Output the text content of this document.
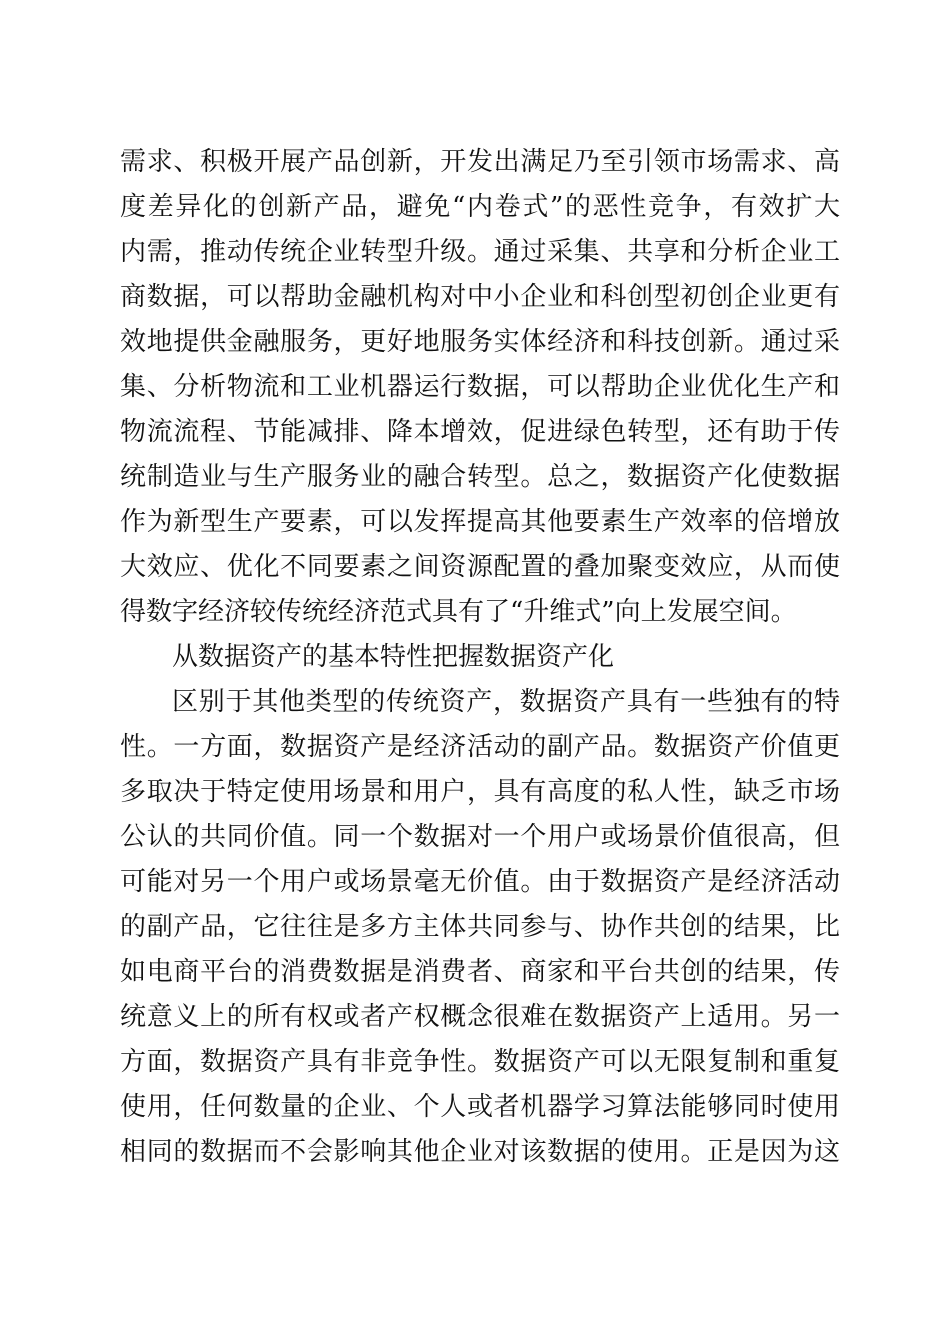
需求、积极开展产品创新，开发出满足乃至引领市场需求、高
度差异化的创新产品，避免“内卷式”的恶性竞争，有效扩大
内需，推动传统企业转型升级。通过采集、共享和分析企业工
商数据，可以帮助金融机构对中小企业和科创型初创企业更有
效地提供金融服务，更好地服务实体经济和科技创新。通过采
集、分析物流和工业机器运行数据，可以帮助企业优化生产和
物流流程、节能减排、降本增效，促进绿色转型，还有助于传
统制造业与生产服务业的融合转型。总之，数据资产化使数据
作为新型生产要素，可以发挥提高其他要素生产效率的倍增放
大效应、优化不同要素之间资源配置的叠加聚变效应，从而使
得数字经济较传统经济范式具有了“升维式”向上发展空间。
从数据资产的基本特性把握数据资产化
区别于其他类型的传统资产，数据资产具有一些独有的特
性。一方面，数据资产是经济活动的副产品。数据资产价值更
多取决于特定使用场景和用户，具有高度的私人性，缺乏市场
公认的共同价值。同一个数据对一个用户或场景价值很高，但
可能对另一个用户或场景毫无价值。由于数据资产是经济活动
的副产品，它往往是多方主体共同参与、协作共创的结果，比
如电商平台的消费数据是消费者、商家和平台共创的结果，传
统意义上的所有权或者产权概念很难在数据资产上适用。另一
方面，数据资产具有非竞争性。数据资产可以无限复制和重复
使用，任何数量的企业、个人或者机器学习算法能够同时使用
相同的数据而不会影响其他企业对该数据的使用。正是因为这
